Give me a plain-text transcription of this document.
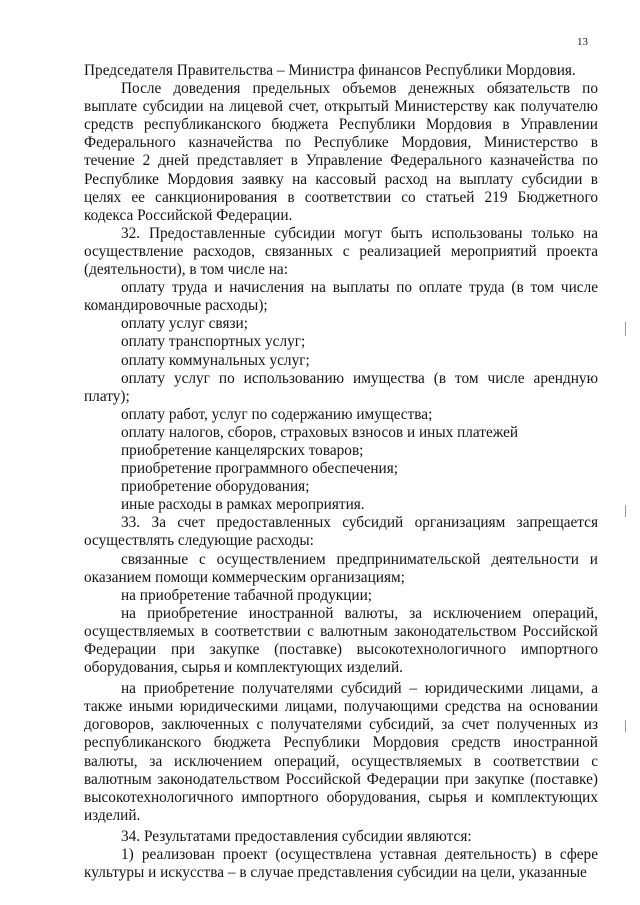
13

Председателя Правительства – Министра финансов Республики Мордовия.

После доведения предельных объемов денежных обязательств по выплате субсидии на лицевой счет, открытый Министерству как получателю средств республиканского бюджета Республики Мордовия в Управлении Федерального казначейства по Республике Мордовия, Министерство в течение 2 дней представляет в Управление Федерального казначейства по Республике Мордовия заявку на кассовый расход на выплату субсидии в целях ее санкционирования в соответствии со статьей 219 Бюджетного кодекса Российской Федерации.

32. Предоставленные субсидии могут быть использованы только на осуществление расходов, связанных с реализацией мероприятий проекта (деятельности), в том числе на:

оплату труда и начисления на выплаты по оплате труда (в том числе командировочные расходы);

оплату услуг связи;

оплату транспортных услуг;

оплату коммунальных услуг;

оплату услуг по использованию имущества (в том числе арендную плату);

оплату работ, услуг по содержанию имущества;

оплату налогов, сборов, страховых взносов и иных платежей

приобретение канцелярских товаров;

приобретение программного обеспечения;

приобретение оборудования;

иные расходы в рамках мероприятия.

33. За счет предоставленных субсидий организациям запрещается осуществлять следующие расходы:

связанные с осуществлением предпринимательской деятельности и оказанием помощи коммерческим организациям;

на приобретение табачной продукции;

на приобретение иностранной валюты, за исключением операций, осуществляемых в соответствии с валютным законодательством Российской Федерации при закупке (поставке) высокотехнологичного импортного оборудования, сырья и комплектующих изделий.

на приобретение получателями субсидий – юридическими лицами, а также иными юридическими лицами, получающими средства на основании договоров, заключенных с получателями субсидий, за счет полученных из республиканского бюджета Республики Мордовия средств иностранной валюты, за исключением операций, осуществляемых в соответствии с валютным законодательством Российской Федерации при закупке (поставке) высокотехнологичного импортного оборудования, сырья и комплектующих изделий.

34. Результатами предоставления субсидии являются:

1) реализован проект (осуществлена уставная деятельность) в сфере культуры и искусства – в случае представления субсидии на цели, указанные
